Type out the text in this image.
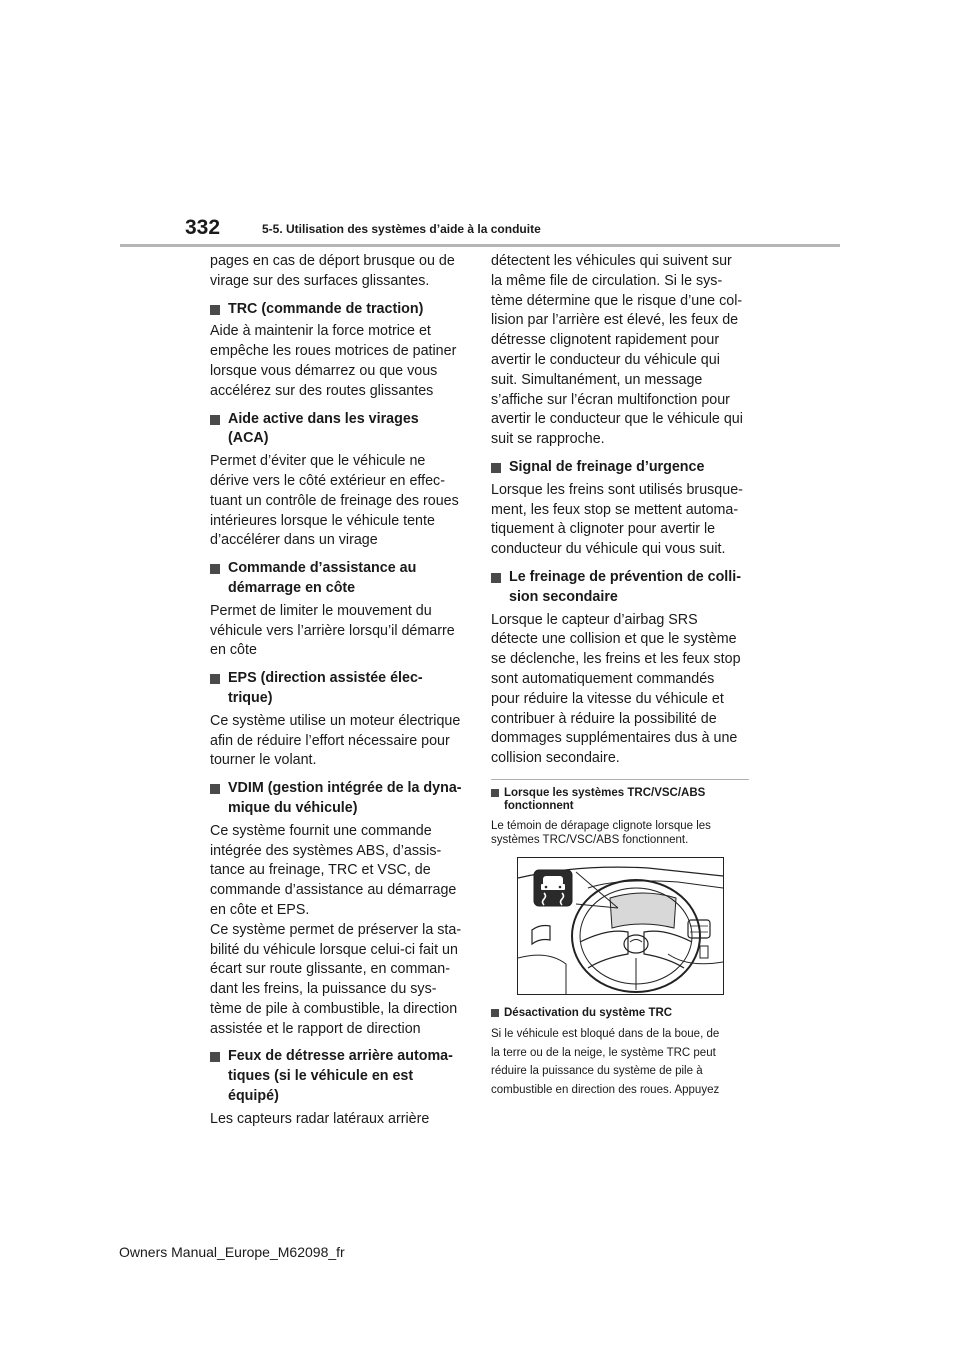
332	5-5. Utilisation des systèmes d’aide à la conduite
pages en cas de déport brusque ou de
virage sur des surfaces glissantes.
TRC (commande de traction)
Aide à maintenir la force motrice et
empêche les roues motrices de patiner
lorsque vous démarrez ou que vous
accélérez sur des routes glissantes
Aide active dans les virages
(ACA)
Permet d’éviter que le véhicule ne
dérive vers le côté extérieur en effec-
tuant un contrôle de freinage des roues
intérieures lorsque le véhicule tente
d’accélérer dans un virage
Commande d’assistance au
démarrage en côte
Permet de limiter le mouvement du
véhicule vers l’arrière lorsqu’il démarre
en côte
EPS (direction assistée élec-
trique)
Ce système utilise un moteur électrique
afin de réduire l’effort nécessaire pour
tourner le volant.
VDIM (gestion intégrée de la dyna-
mique du véhicule)
Ce système fournit une commande
intégrée des systèmes ABS, d’assis-
tance au freinage, TRC et VSC, de
commande d’assistance au démarrage
en côte et EPS.
Ce système permet de préserver la sta-
bilité du véhicule lorsque celui-ci fait un
écart sur route glissante, en comman-
dant les freins, la puissance du sys-
tème de pile à combustible, la direction
assistée et le rapport de direction
Feux de détresse arrière automa-
tiques (si le véhicule en est
équipé)
Les capteurs radar latéraux arrière
détectent les véhicules qui suivent sur
la même file de circulation. Si le sys-
tème détermine que le risque d’une col-
lision par l’arrière est élevé, les feux de
détresse clignotent rapidement pour
avertir le conducteur du véhicule qui
suit. Simultanément, un message
s’affiche sur l’écran multifonction pour
avertir le conducteur que le véhicule qui
suit se rapproche.
Signal de freinage d’urgence
Lorsque les freins sont utilisés brusque-
ment, les feux stop se mettent automa-
tiquement à clignoter pour avertir le
conducteur du véhicule qui vous suit.
Le freinage de prévention de colli-
sion secondaire
Lorsque le capteur d’airbag SRS
détecte une collision et que le système
se déclenche, les freins et les feux stop
sont automatiquement commandés
pour réduire la vitesse du véhicule et
contribuer à réduire la possibilité de
dommages supplémentaires dus à une
collision secondaire.
Lorsque les systèmes TRC/VSC/ABS
fonctionnent
Le témoin de dérapage clignote lorsque les
systèmes TRC/VSC/ABS fonctionnent.
Désactivation du système TRC
Si le véhicule est bloqué dans de la boue, de
la terre ou de la neige, le système TRC peut
réduire la puissance du système de pile à
combustible en direction des roues. Appuyez
Owners Manual_Europe_M62098_fr
